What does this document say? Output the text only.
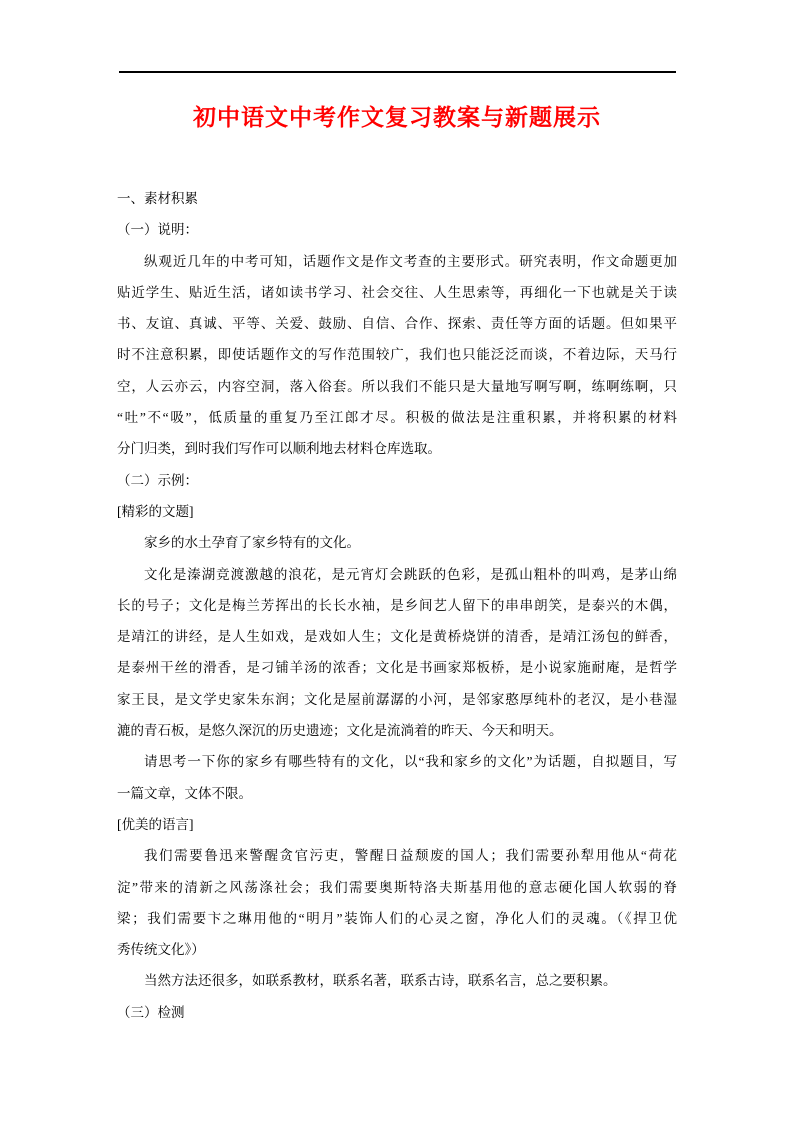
初中语文中考作文复习教案与新题展示
一、素材积累
（一）说明：
纵观近几年的中考可知，话题作文是作文考查的主要形式。研究表明，作文命题更加
贴近学生、贴近生活，诸如读书学习、社会交往、人生思索等，再细化一下也就是关于读
书、友谊、真诚、平等、关爱、鼓励、自信、合作、探索、责任等方面的话题。但如果平
时不注意积累，即使话题作文的写作范围较广，我们也只能泛泛而谈，不着边际，天马行
空，人云亦云，内容空洞，落入俗套。所以我们不能只是大量地写啊写啊，练啊练啊，只
“吐”不“吸”，低质量的重复乃至江郎才尽。积极的做法是注重积累，并将积累的材料
分门归类，到时我们写作可以顺利地去材料仓库选取。
（二）示例：
[精彩的文题]
家乡的水土孕育了家乡特有的文化。
文化是溱湖竞渡激越的浪花，是元宵灯会跳跃的色彩，是孤山粗朴的叫鸡，是茅山绵
长的号子；文化是梅兰芳挥出的长长水袖，是乡间艺人留下的串串朗笑，是泰兴的木偶，
是靖江的讲经，是人生如戏，是戏如人生；文化是黄桥烧饼的清香，是靖江汤包的鲜香，
是泰州干丝的滑香，是刁铺羊汤的浓香；文化是书画家郑板桥，是小说家施耐庵，是哲学
家王艮，是文学史家朱东润；文化是屋前潺潺的小河，是邻家憨厚纯朴的老汉，是小巷湿
漉的青石板，是悠久深沉的历史遗迹；文化是流淌着的昨天、今天和明天。
请思考一下你的家乡有哪些特有的文化，以“我和家乡的文化”为话题，自拟题目，写
一篇文章，文体不限。
[优美的语言]
我们需要鲁迅来警醒贪官污吏，警醒日益颓废的国人；我们需要孙犁用他从“荷花
淀”带来的清新之风荡涤社会；我们需要奥斯特洛夫斯基用他的意志硬化国人软弱的脊
梁；我们需要卞之琳用他的“明月”装饰人们的心灵之窗，净化人们的灵魂。（《捍卫优
秀传统文化》）
当然方法还很多，如联系教材，联系名著，联系古诗，联系名言，总之要积累。
（三）检测
